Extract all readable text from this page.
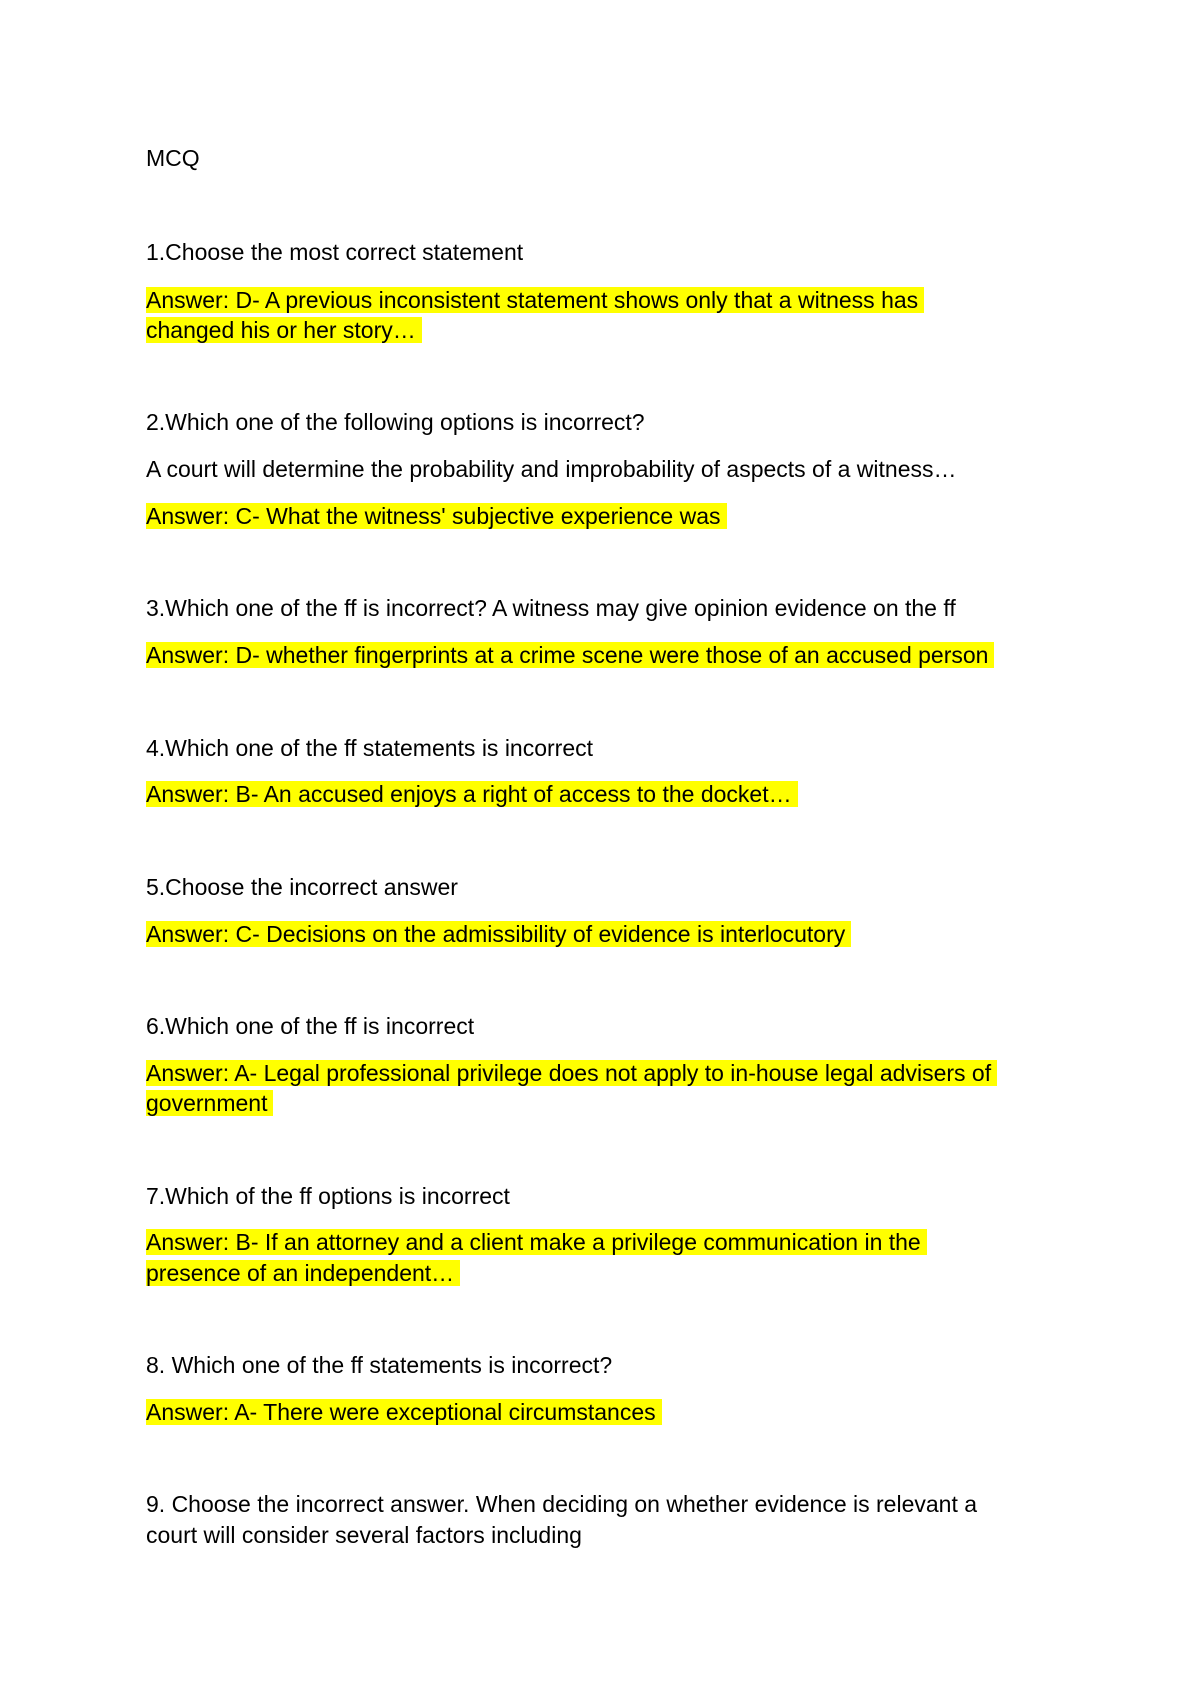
MCQ
1.Choose the most correct statement
Answer: D- A previous inconsistent statement shows only that a witness has
changed his or her story…
2.Which one of the following options is incorrect?
A court will determine the probability and improbability of aspects of a witness…
Answer: C- What the witness' subjective experience was
3.Which one of the ff is incorrect? A witness may give opinion evidence on the ff
Answer: D- whether fingerprints at a crime scene were those of an accused person
4.Which one of the ff statements is incorrect
Answer: B- An accused enjoys a right of access to the docket…
5.Choose the incorrect answer
Answer: C- Decisions on the admissibility of evidence is interlocutory
6.Which one of the ff is incorrect
Answer: A- Legal professional privilege does not apply to in-house legal advisers of
government
7.Which of the ff options is incorrect
Answer: B- If an attorney and a client make a privilege communication in the
presence of an independent…
8. Which one of the ff statements is incorrect?
Answer: A- There were exceptional circumstances
9. Choose the incorrect answer. When deciding on whether evidence is relevant a
court will consider several factors including
